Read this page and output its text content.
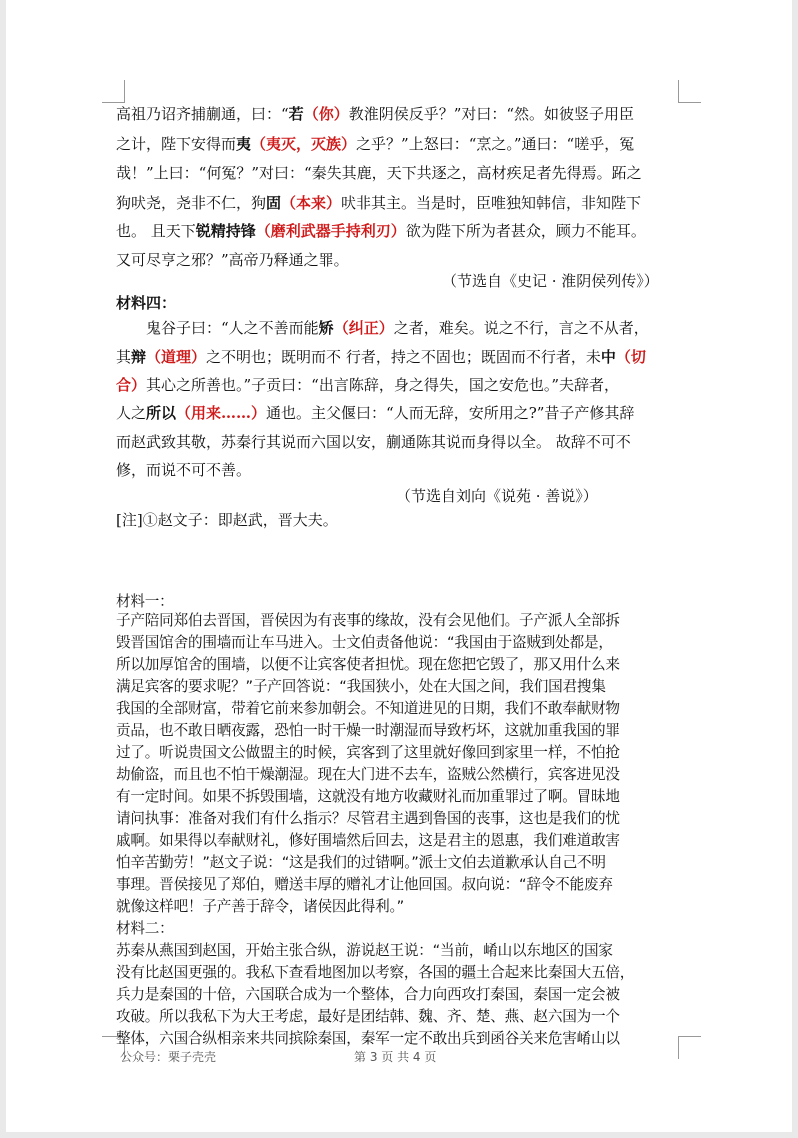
高祖乃诏齐捕蒯通，曰：“若（你）教淮阴侯反乎？”对曰：“然。如彼竖子用臣
之计，陛下安得而夷（夷灭，灭族）之乎？”上怒曰：“烹之。”通曰：“嗟乎，冤
哉！”上曰：“何冤？”对曰：“秦失其鹿，天下共逐之，高材疾足者先得焉。跖之
狗吠尧，尧非不仁，狗固（本来）吠非其主。当是时，臣唯独知韩信，非知陛下
也。 且天下锐精持锋（磨利武器手持利刃）欲为陛下所为者甚众，顾力不能耳。
又可尽亨之邪？”高帝乃释通之罪。
（节选自《史记 · 淮阴侯列传》）
材料四：
鬼谷子曰：“人之不善而能矫（纠正）之者，难矣。说之不行，言之不从者，
其辩（道理）之不明也；既明而不 行者，持之不固也；既固而不行者，未中（切
合）其心之所善也。”子贡曰：“出言陈辞，身之得失，国之安危也。”夫辞者，
人之所以（用来……）通也。主父偃曰：“人而无辞，安所用之?”昔子产修其辞
而赵武致其敬，苏秦行其说而六国以安，蒯通陈其说而身得以全。 故辞不可不
修，而说不可不善。
（节选自刘向《说苑 · 善说》）
[注]①赵文子：即赵武，晋大夫。
材料一：
子产陪同郑伯去晋国，晋侯因为有丧事的缘故，没有会见他们。子产派人全部拆
毁晋国馆舍的围墙而让车马进入。士文伯责备他说：“我国由于盗贼到处都是，
所以加厚馆舍的围墙，以便不让宾客使者担忧。现在您把它毁了，那又用什么来
满足宾客的要求呢？”子产回答说：“我国狭小，处在大国之间，我们国君搜集
我国的全部财富，带着它前来参加朝会。不知道进见的日期，我们不敢奉献财物
贡品，也不敢日晒夜露，恐怕一时干燥一时潮湿而导致朽坏，这就加重我国的罪
过了。听说贵国文公做盟主的时候，宾客到了这里就好像回到家里一样，不怕抢
劫偷盗，而且也不怕干燥潮湿。现在大门进不去车，盗贼公然横行，宾客进见没
有一定时间。如果不拆毁围墙，这就没有地方收藏财礼而加重罪过了啊。冒昧地
请问执事：准备对我们有什么指示？尽管君主遇到鲁国的丧事，这也是我们的忧
戚啊。如果得以奉献财礼，修好围墙然后回去，这是君主的恩惠，我们难道敢害
怕辛苦勤劳！”赵文子说：“这是我们的过错啊。”派士文伯去道歉承认自己不明
事理。晋侯接见了郑伯，赠送丰厚的赠礼才让他回国。叔向说：“辞令不能废弃
就像这样吧！子产善于辞令，诸侯因此得利。”
材料二：
苏秦从燕国到赵国，开始主张合纵，游说赵王说：“当前，崤山以东地区的国家
没有比赵国更强的。我私下查看地图加以考察，各国的疆土合起来比秦国大五倍，
兵力是秦国的十倍，六国联合成为一个整体，合力向西攻打秦国，秦国一定会被
攻破。所以我私下为大王考虑，最好是团结韩、魏、齐、楚、燕、赵六国为一个
整体，六国合纵相亲来共同摈除秦国，秦军一定不敢出兵到函谷关来危害崤山以
公众号：栗子壳壳	第 3 页 共 4 页
